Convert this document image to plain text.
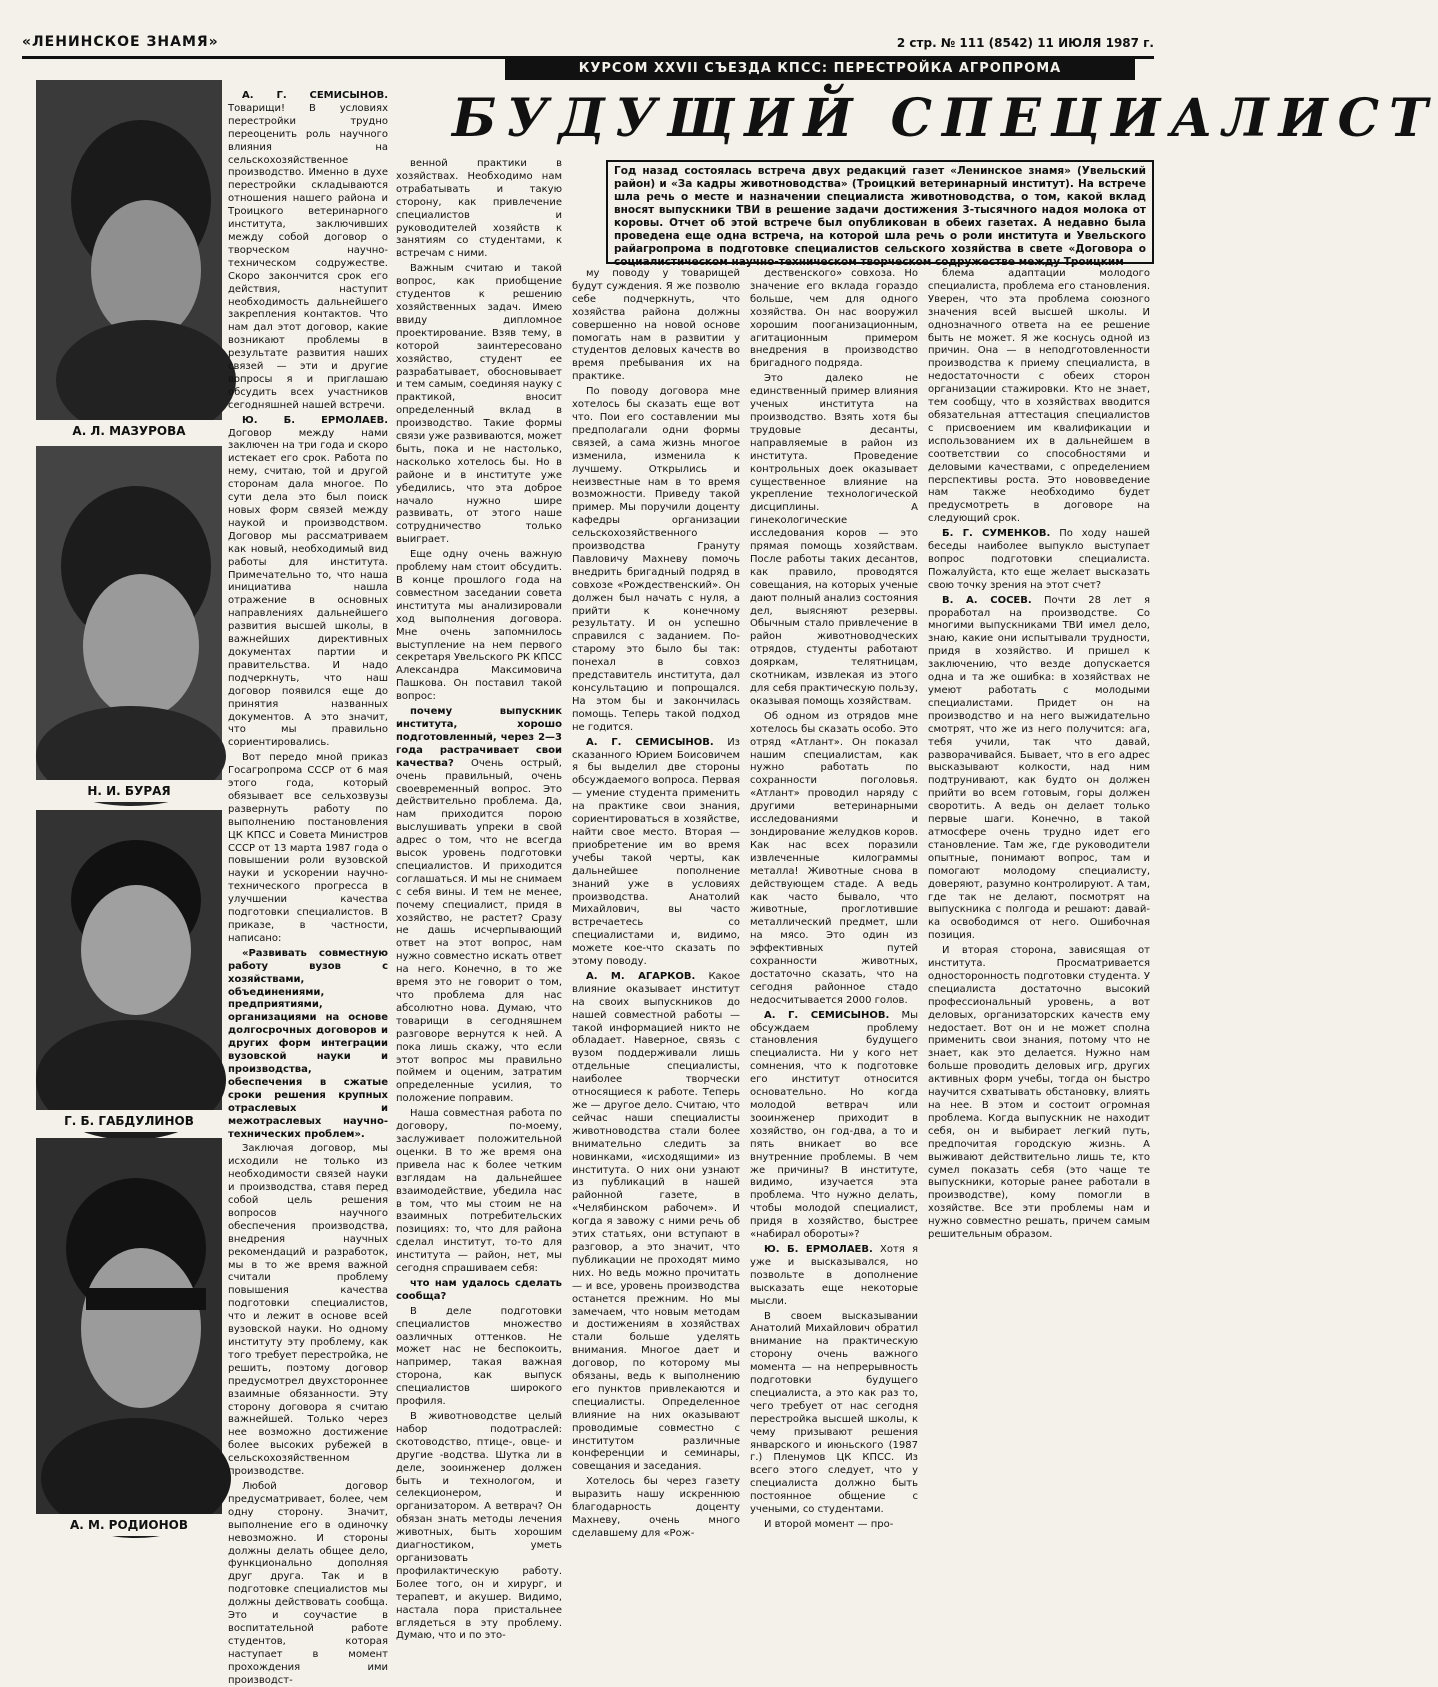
«ЛЕНИНСКОЕ ЗНАМЯ»	2 стр. № 111 (8542) 11 ИЮЛЯ 1987 г.
КУРСОМ XXVII СЪЕЗДА КПСС: ПЕРЕСТРОЙКА АГРОПРОМА
БУДУЩИЙ СПЕЦИАЛИСТ
Год назад состоялась встреча двух редакций газет «Ленинское знамя» (Увельский район) и «За кадры животноводства» (Троицкий ветеринарный институт). На встрече шла речь о месте и назначении специалиста животноводства, о том, какой вклад вносят выпускники ТВИ в решение задачи достижения 3-тысячного надоя молока от коровы. Отчет об этой встрече был опубликован в обеих газетах. А недавно была проведена еще одна встреча, на которой шла речь о роли института и Увельского райагропрома в подготовке специалистов сельского хозяйства в свете «Договора о социалистическом научно-техническом творческом содружестве между Троицким
А. Л. МАЗУРОВА
Н. И. БУРАЯ
Г. Б. ГАБДУЛИНОВ
А. М. РОДИОНОВ

А. Г. СЕМИСЫНОВ. Товарищи! В условиях перестройки трудно переоценить роль научного влияния на сельскохозяйственное производство. Именно в духе перестройки складываются отношения нашего района и Троицкого ветеринарного института, заключивших между собой договор о творческом научно-техническом содружестве. Скоро закончится срок его действия, наступит необходимость дальнейшего закрепления контактов. Что нам дал этот договор, какие возникают проблемы в результате развития наших связей — эти и другие вопросы я и приглашаю обсудить всех участников сегодняшней нашей встречи.

Ю. Б. ЕРМОЛАЕВ. Договор между нами заключен на три года и скоро истекает его срок. Работа по нему, считаю, той и другой сторонам дала многое. По сути дела это был поиск новых форм связей между наукой и производством. Договор мы рассматриваем как новый, необходимый вид работы для института. Примечательно то, что наша инициатива нашла отражение в основных направлениях дальнейшего развития высшей школы, в важнейших директивных документах партии и правительства. И надо подчеркнуть, что наш договор появился еще до принятия названных документов. А это значит, что мы правильно сориентировались.

Вот передо мной приказ Госагропрома СССР от 6 мая этого года, который обязывает все сельхозвузы развернуть работу по выполнению постановления ЦК КПСС и Совета Министров СССР от 13 марта 1987 года о повышении роли вузовской науки и ускорении научно-технического прогресса в улучшении качества подготовки специалистов. В приказе, в частности, написано:

«Развивать совместную работу вузов с хозяйствами, объединениями, предприятиями, организациями на основе долгосрочных договоров и других форм интеграции вузовской науки и производства, обеспечения в сжатые сроки решения крупных отраслевых и межотраслевых научно-технических проблем».

Заключая договор, мы исходили не только из необходимости связей науки и производства, ставя перед собой цель решения вопросов научного обеспечения производства, внедрения научных рекомендаций и разработок, мы в то же время важной считали проблему повышения качества подготовки специалистов, что и лежит в основе всей вузовской науки. Но одному институту эту проблему, как того требует перестройка, не решить, поэтому договор предусмотрел двухстороннее взаимные обязанности. Эту сторону договора я считаю важнейшей. Только через нее возможно достижение более высоких рубежей в сельскохозяйственном производстве.

Любой договор предусматривает, более, чем одну сторону. Значит, выполнение его в одиночку невозможно. И стороны должны делать общее дело, функционально дополняя друг друга. Так и в подготовке специалистов мы должны действовать сообща. Это и соучастие в воспитательной работе студентов, которая наступает в момент прохождения ими производст-

венной практики в хозяйствах. Необходимо нам отрабатывать и такую сторону, как привлечение специалистов и руководителей хозяйств к занятиям со студентами, к встречам с ними.

Важным считаю и такой вопрос, как приобщение студентов к решению хозяйственных задач. Имею ввиду дипломное проектирование. Взяв тему, в которой заинтересовано хозяйство, студент ее разрабатывает, обосновывает и тем самым, соединяя науку с практикой, вносит определенный вклад в производство. Такие формы связи уже развиваются, может быть, пока и не настолько, насколько хотелось бы. Но в районе и в институте уже убедились, что эта доброе начало нужно шире развивать, от этого наше сотрудничество только выиграет.

Еще одну очень важную проблему нам стоит обсудить. В конце прошлого года на совместном заседании совета института мы анализировали ход выполнения договора. Мне очень запомнилось выступление на нем первого секретаря Увельского РК КПСС Александра Максимовича Пашкова. Он поставил такой вопрос:

почему выпускник института, хорошо подготовленный, через 2—3 года растрачивает свои качества? Очень острый, очень правильный, очень своевременный вопрос. Это действительно проблема. Да, нам приходится порою выслушивать упреки в свой адрес о том, что не всегда высок уровень подготовки специалистов. И приходится соглашаться. И мы не снимаем с себя вины. И тем не менее, почему специалист, придя в хозяйство, не растет? Сразу не дашь исчерпывающий ответ на этот вопрос, нам нужно совместно искать ответ на него. Конечно, в то же время это не говорит о том, что проблема для нас абсолютно нова. Думаю, что товарищи в сегодняшнем разговоре вернутся к ней. А пока лишь скажу, что если этот вопрос мы правильно поймем и оценим, затратим определенные усилия, то положение поправим.

Наша совместная работа по договору, по-моему, заслуживает положительной оценки. В то же время она привела нас к более четким взглядам на дальнейшее взаимодействие, убедила нас в том, что мы стоим не на взаимных потребительских позициях: то, что для района сделал институт, то-то для института — район, нет, мы сегодня спрашиваем себя:

что нам удалось сделать сообща?

В деле подготовки специалистов множество оазличных оттенков. Не может нас не беспокоить, например, такая важная сторона, как выпуск специалистов широкого профиля.

В животноводстве целый набор подотраслей: скотоводство, птице-, овце- и другие -водства. Шутка ли в деле, зооинженер должен быть и технологом, и селекционером, и организатором. А ветврач? Он обязан знать методы лечения животных, быть хорошим диагностиком, уметь организовать профилактическую работу. Более того, он и хирург, и терапевт, и акушер. Видимо, настала пора пристальнее вглядеться в эту проблему. Думаю, что и по это-

му поводу у товарищей будут суждения. Я же позволю себе подчеркнуть, что хозяйства района должны совершенно на новой основе помогать нам в развитии у студентов деловых качеств во время пребывания их на практике.

По поводу договора мне хотелось бы сказать еще вот что. Пои его составлении мы предполагали одни формы связей, а сама жизнь многое изменила, изменила к лучшему. Открылись и неизвестные нам в то время возможности. Приведу такой пример. Мы поручили доценту кафедры организации сельскохозяйственного производства Грануту Павловичу Махневу помочь внедрить бригадный подряд в совхозе «Рождественский». Он должен был начать с нуля, а прийти к конечному результату. И он успешно справился с заданием. По-старому это было бы так: понехал в совхоз представитель института, дал консультацию и попрощался. На этом бы и закончилась помощь. Теперь такой подход не годится.

А. Г. СЕМИСЫНОВ. Из сказанного Юрием Боисовичем я бы выделил две стороны обсуждаемого вопроса. Первая — умение студента применить на практике свои знания, сориентироваться в хозяйстве, найти свое место. Вторая — приобретение им во время учебы такой черты, как дальнейшее пополнение знаний уже в условиях производства. Анатолий Михайлович, вы часто встречаетесь со специалистами и, видимо, можете кое-что сказать по этому поводу.

А. М. АГАРКОВ. Какое влияние оказывает институт на своих выпускников до нашей совместной работы — такой информацией никто не обладает. Наверное, связь с вузом поддерживали лишь отдельные специалисты, наиболее творчески относящиеся к работе. Теперь же — другое дело. Считаю, что сейчас наши специалисты животноводства стали более внимательно следить за новинками, «исходящими» из института. О них они узнают из публикаций в нашей районной газете, в «Челябинском рабочем». И когда я завожу с ними речь об этих статьях, они вступают в разговор, а это значит, что публикации не проходят мимо них. Но ведь можно прочитать — и все, уровень производства останется прежним. Но мы замечаем, что новым методам и достижениям в хозяйствах стали больше уделять внимания. Многое дает и договор, по которому мы обязаны, ведь к выполнению его пунктов привлекаются и специалисты. Определенное влияние на них оказывают проводимые совместно с институтом различные конференции и семинары, совещания и заседания.

Хотелось бы через газету выразить нашу искреннюю благодарность доценту Махневу, очень много сделавшему для «Рож-

дественского» совхоза. Но значение его вклада гораздо больше, чем для одного хозяйства. Он нас вооружил хорошим пооганизационным, агитационным примером внедрения в производство бригадного подряда.

Это далеко не единственный пример влияния ученых института на производство. Взять хотя бы трудовые десанты, направляемые в район из института. Проведение контрольных доек оказывает существенное влияние на укрепление технологической дисциплины. А гинекологические исследования коров — это прямая помощь хозяйствам. После работы таких десантов, как правило, проводятся совещания, на которых ученые дают полный анализ состояния дел, выясняют резервы. Обычным стало привлечение в район животноводческих отрядов, студенты работают дояркам, телятницам, скотникам, извлекая из этого для себя практическую пользу, оказывая помощь хозяйствам.

Об одном из отрядов мне хотелось бы сказать особо. Это отряд «Атлант». Он показал нашим специалистам, как нужно работать по сохранности поголовья. «Атлант» проводил наряду с другими ветеринарными исследованиями и зондирование желудков коров. Как нас всех поразили извлеченные килограммы металла! Животные снова в действующем стаде. А ведь как часто бывало, что животные, проглотившие металлический предмет, шли на мясо. Это один из эффективных путей сохранности животных, достаточно сказать, что на сегодня районное стадо недосчитывается 2000 голов.

А. Г. СЕМИСЫНОВ. Мы обсуждаем проблему становления будущего специалиста. Ни у кого нет сомнения, что к подготовке его институт относится основательно. Но когда молодой ветврач или зооинженер приходит в хозяйство, он год-два, а то и пять вникает во все внутренние проблемы. В чем же причины? В институте, видимо, изучается эта проблема. Что нужно делать, чтобы молодой специалист, придя в хозяйство, быстрее «набирал обороты»?

Ю. Б. ЕРМОЛАЕВ. Хотя я уже и высказывался, но позвольте в дополнение высказать еще некоторые мысли.

В своем высказывании Анатолий Михайлович обратил внимание на практическую сторону очень важного момента — на непрерывность подготовки будущего специалиста, а это как раз то, чего требует от нас сегодня перестройка высшей школы, к чему призывают решения январского и июньского (1987 г.) Пленумов ЦК КПСС. Из всего этого следует, что у специалиста должно быть постоянное общение с учеными, со студентами.

И второй момент — про-

блема адаптации молодого специалиста, проблема его становления. Уверен, что эта проблема союзного значения всей высшей школы. И однозначного ответа на ее решение быть не может. Я же коснусь одной из причин. Она — в неподготовленности производства к приему специалиста, в недостаточности с обеих сторон организации стажировки. Кто не знает, тем сообщу, что в хозяйствах вводится обязательная аттестация специалистов с присвоением им квалификации и использованием их в дальнейшем в соответствии со способностями и деловыми качествами, с определением перспективы роста. Это нововведение нам также необходимо будет предусмотреть в договоре на следующий срок.

Б. Г. СУМЕНКОВ. По ходу нашей беседы наиболее выпукло выступает вопрос подготовки специалиста. Пожалуйста, кто еще желает высказать свою точку зрения на этот счет?

В. А. СОСЕВ. Почти 28 лет я проработал на производстве. Со многими выпускниками ТВИ имел дело, знаю, какие они испытывали трудности, придя в хозяйство. И пришел к заключению, что везде допускается одна и та же ошибка: в хозяйствах не умеют работать с молодыми специалистами. Придет он на производство и на него выжидательно смотрят, что же из него получится: ага, тебя учили, так что давай, разворачивайся. Бывает, что в его адрес высказывают колкости, над ним подтрунивают, как будто он должен прийти во всем готовым, горы должен своротить. А ведь он делает только первые шаги. Конечно, в такой атмосфере очень трудно идет его становление. Там же, где руководители опытные, понимают вопрос, там и помогают молодому специалисту, доверяют, разумно контролируют. А там, где так не делают, посмотрят на выпускника с полгода и решают: давай-ка освободимся от него. Ошибочная позиция.

И вторая сторона, зависящая от института. Просматривается односторонность подготовки студента. У специалиста достаточно высокий профессиональный уровень, а вот деловых, организаторских качеств ему недостает. Вот он и не может сполна применить свои знания, потому что не знает, как это делается. Нужно нам больше проводить деловых игр, других активных форм учебы, тогда он быстро научится схватывать обстановку, влиять на нее. В этом и состоит огромная проблема. Когда выпускник не находит себя, он и выбирает легкий путь, предпочитая городскую жизнь. А выживают действительно лишь те, кто сумел показать себя (это чаще те выпускники, которые ранее работали в производстве), кому помогли в хозяйстве. Все эти проблемы нам и нужно совместно решать, причем самым решительным образом.
